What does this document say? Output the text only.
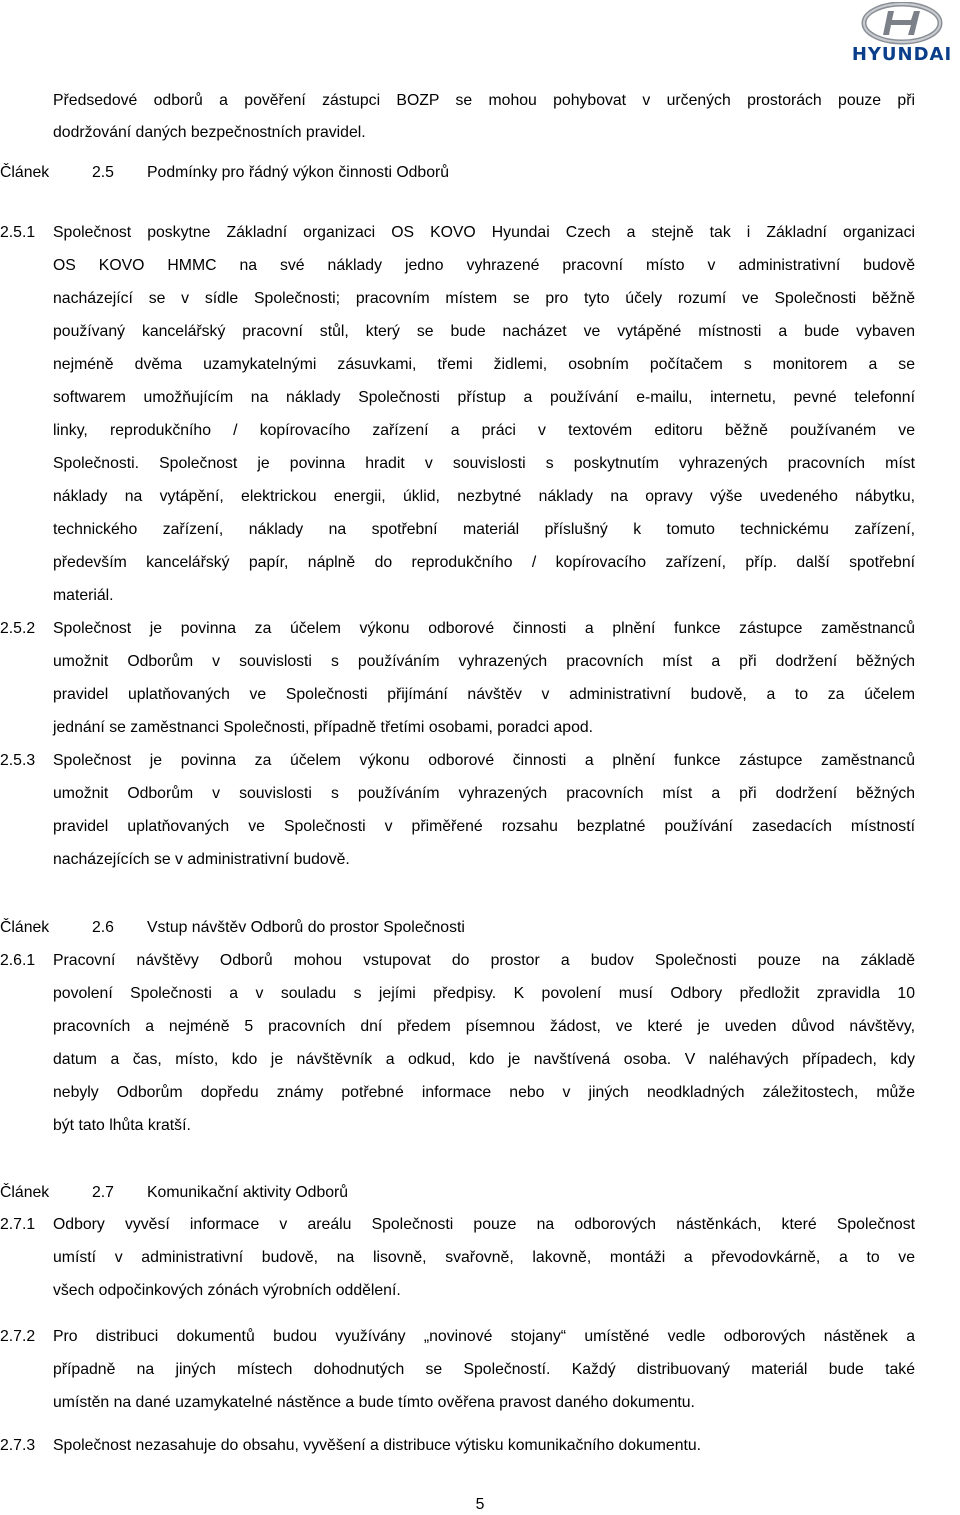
HYUNDAI
Předsedové odborů a pověření zástupci BOZP se mohou pohybovat v určených prostorách pouze při
dodržování daných bezpečnostních pravidel.
Článek	2.5 Podmínky pro řádný výkon činnosti Odborů
2.5.1 Společnost poskytne Základní organizaci OS KOVO Hyundai Czech a stejně tak i Základní organizaci
OS KOVO HMMC na své náklady jedno vyhrazené pracovní místo v administrativní budově
nacházející se v sídle Společnosti; pracovním místem se pro tyto účely rozumí ve Společnosti běžně
používaný kancelářský pracovní stůl, který se bude nacházet ve vytápěné místnosti a bude vybaven
nejméně dvěma uzamykatelnými zásuvkami, třemi židlemi, osobním počítačem s monitorem a se
softwarem umožňujícím na náklady Společnosti přístup a používání e-mailu, internetu, pevné telefonní
linky, reprodukčního / kopírovacího zařízení a práci v textovém editoru běžně používaném ve
Společnosti. Společnost je povinna hradit v souvislosti s poskytnutím vyhrazených pracovních míst
náklady na vytápění, elektrickou energii, úklid, nezbytné náklady na opravy výše uvedeného nábytku,
technického zařízení, náklady na spotřební materiál příslušný k tomuto technickému zařízení,
především kancelářský papír, náplně do reprodukčního / kopírovacího zařízení, příp. další spotřební
materiál.
2.5.2 Společnost je povinna za účelem výkonu odborové činnosti a plnění funkce zástupce zaměstnanců
umožnit Odborům v souvislosti s používáním vyhrazených pracovních míst a při dodržení běžných
pravidel uplatňovaných ve Společnosti přijímání návštěv v administrativní budově, a to za účelem
jednání se zaměstnanci Společnosti, případně třetími osobami, poradci apod.
2.5.3 Společnost je povinna za účelem výkonu odborové činnosti a plnění funkce zástupce zaměstnanců
umožnit Odborům v souvislosti s používáním vyhrazených pracovních míst a při dodržení běžných
pravidel uplatňovaných ve Společnosti v přiměřené rozsahu bezplatné používání zasedacích místností
nacházejících se v administrativní budově.
Článek	2.6 Vstup návštěv Odborů do prostor Společnosti
2.6.1 Pracovní návštěvy Odborů mohou vstupovat do prostor a budov Společnosti pouze na základě
povolení Společnosti a v souladu s jejími předpisy. K povolení musí Odbory předložit zpravidla 10
pracovních a nejméně 5 pracovních dní předem písemnou žádost, ve které je uveden důvod návštěvy,
datum a čas, místo, kdo je návštěvník a odkud, kdo je navštívená osoba. V naléhavých případech, kdy
nebyly Odborům dopředu známy potřebné informace nebo v jiných neodkladných záležitostech, může
být tato lhůta kratší.
Článek	2.7 Komunikační aktivity Odborů
2.7.1 Odbory vyvěsí informace v areálu Společnosti pouze na odborových nástěnkách, které Společnost
umístí v administrativní budově, na lisovně, svařovně, lakovně, montáži a převodovkárně, a to ve
všech odpočinkových zónách výrobních oddělení.
2.7.2 Pro distribuci dokumentů budou využívány „novinové stojany“ umístěné vedle odborových nástěnek a
případně na jiných místech dohodnutých se Společností. Každý distribuovaný materiál bude také
umístěn na dané uzamykatelné nástěnce a bude tímto ověřena pravost daného dokumentu.
2.7.3 Společnost nezasahuje do obsahu, vyvěšení a distribuce výtisku komunikačního dokumentu.
5
